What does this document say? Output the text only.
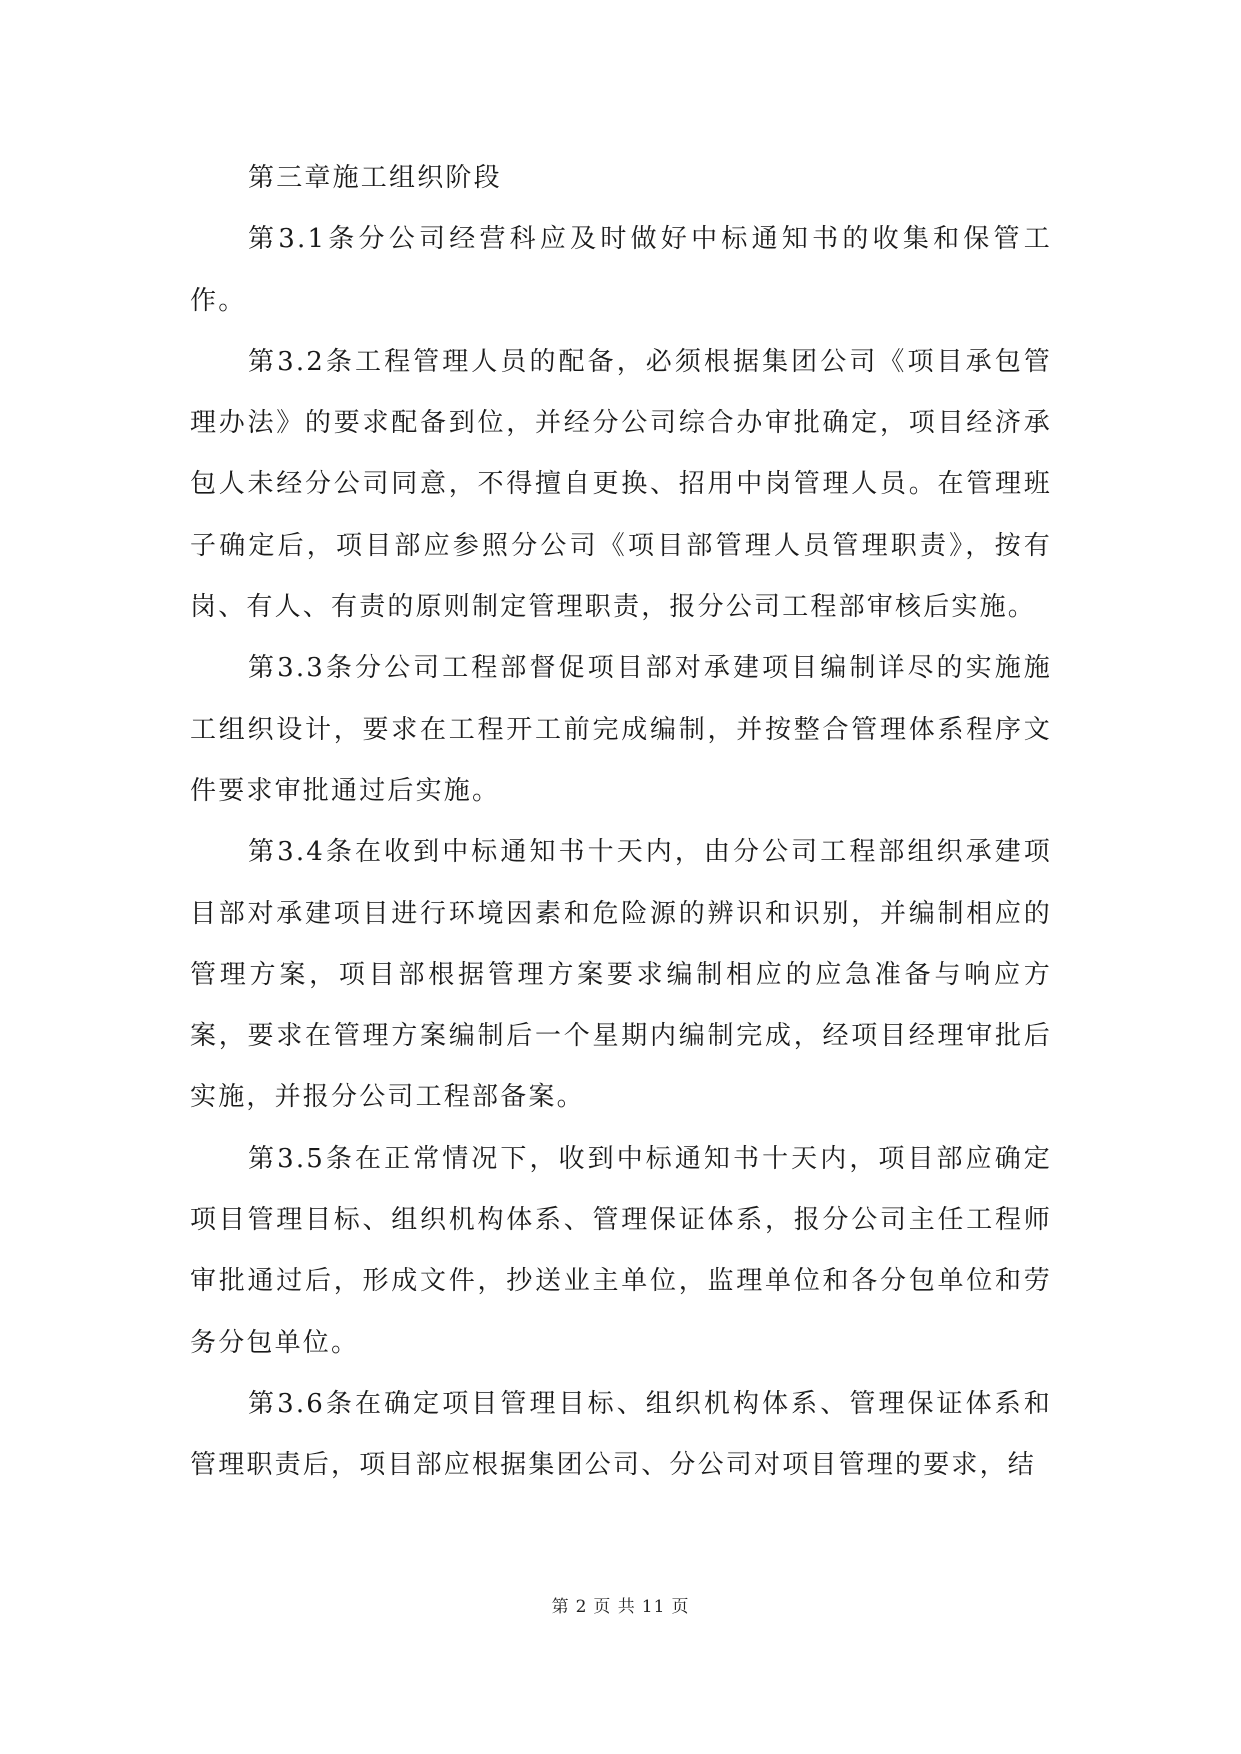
第三章施工组织阶段

第3.1条分公司经营科应及时做好中标通知书的收集和保管工作。

第3.2条工程管理人员的配备，必须根据集团公司《项目承包管理办法》的要求配备到位，并经分公司综合办审批确定，项目经济承包人未经分公司同意，不得擅自更换、招用中岗管理人员。在管理班子确定后，项目部应参照分公司《项目部管理人员管理职责》，按有岗、有人、有责的原则制定管理职责，报分公司工程部审核后实施。

第3.3条分公司工程部督促项目部对承建项目编制详尽的实施施工组织设计，要求在工程开工前完成编制，并按整合管理体系程序文件要求审批通过后实施。

第3.4条在收到中标通知书十天内，由分公司工程部组织承建项目部对承建项目进行环境因素和危险源的辨识和识别，并编制相应的管理方案，项目部根据管理方案要求编制相应的应急准备与响应方案，要求在管理方案编制后一个星期内编制完成，经项目经理审批后实施，并报分公司工程部备案。

第3.5条在正常情况下，收到中标通知书十天内，项目部应确定项目管理目标、组织机构体系、管理保证体系，报分公司主任工程师审批通过后，形成文件，抄送业主单位，监理单位和各分包单位和劳务分包单位。

第3.6条在确定项目管理目标、组织机构体系、管理保证体系和管理职责后，项目部应根据集团公司、分公司对项目管理的要求，结

第 2 页 共 11 页
